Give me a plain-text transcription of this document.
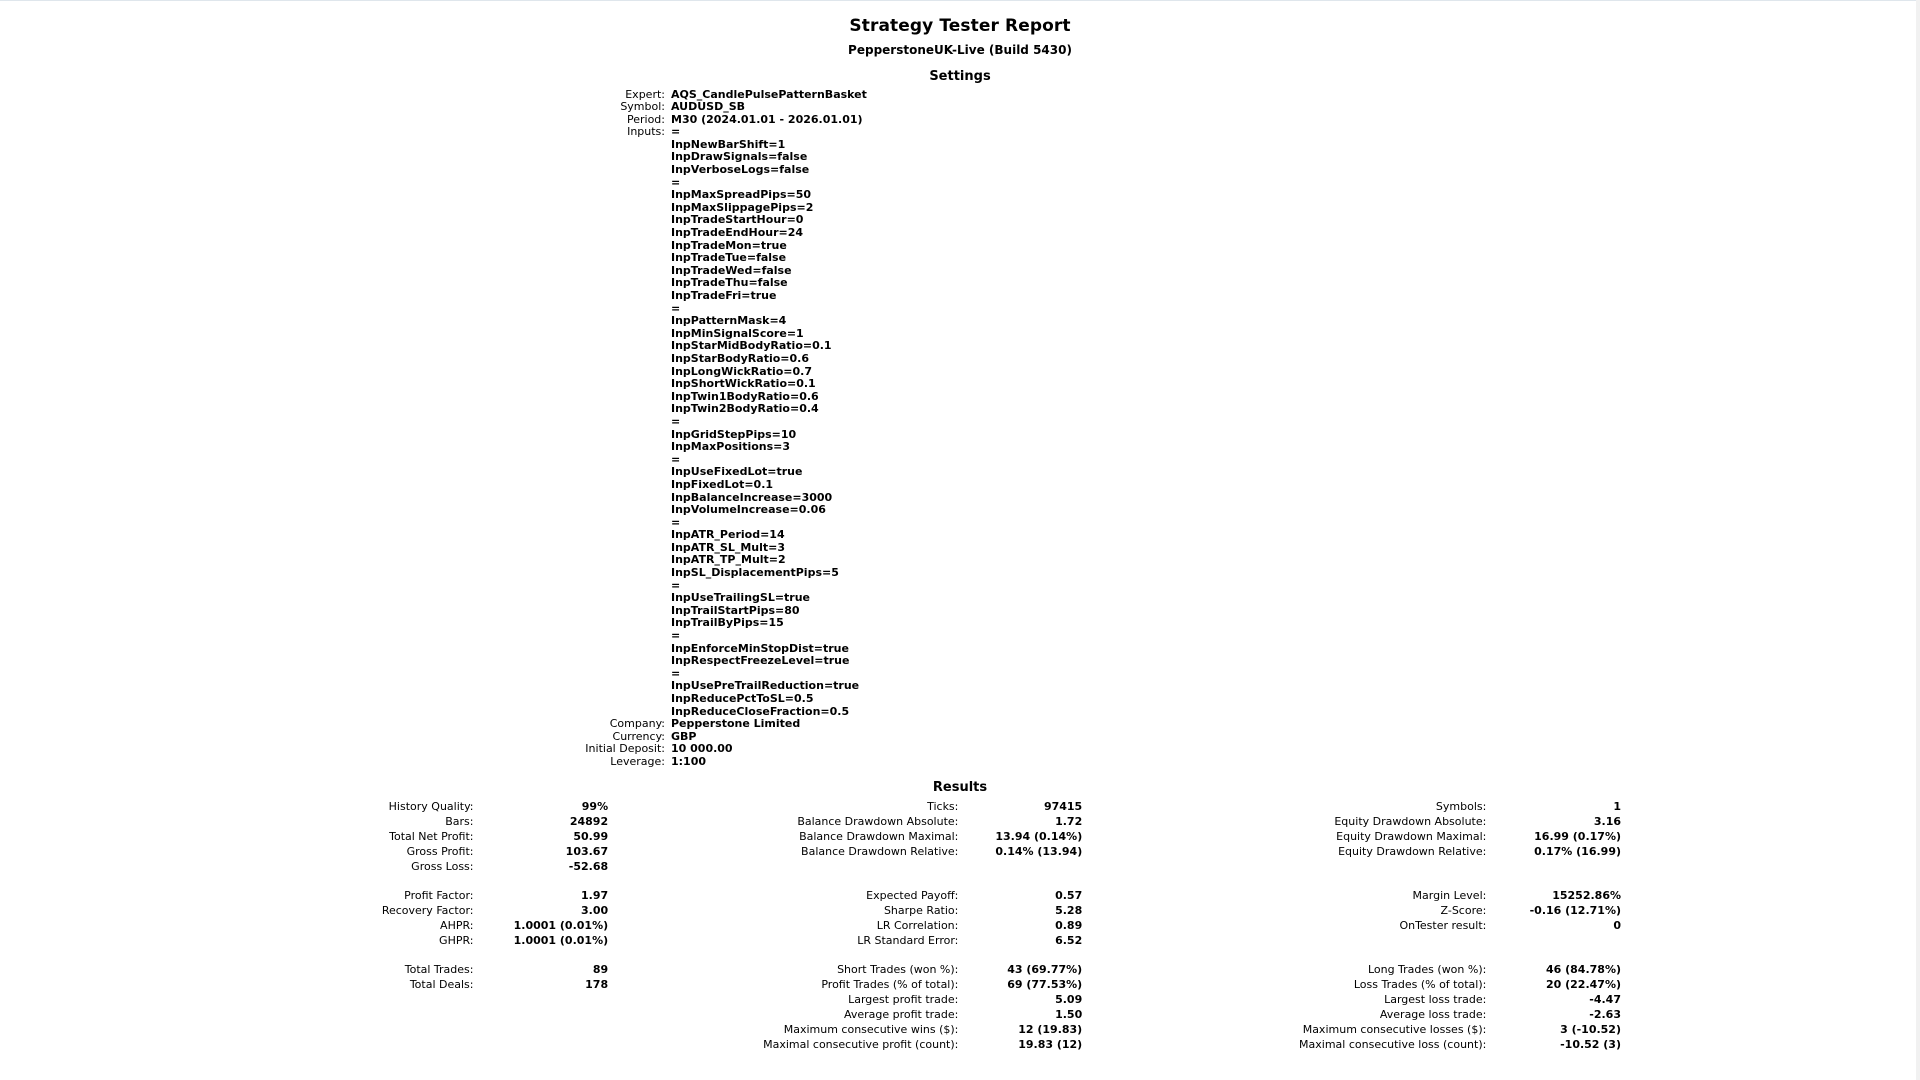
Strategy Tester Report
PepperstoneUK-Live (Build 5430)
Settings
Expert:	AQS_CandlePulsePatternBasket
Symbol:	AUDUSD_SB
Period:	M30 (2024.01.01 - 2026.01.01)
Inputs:	=
	InpNewBarShift=1
	InpDrawSignals=false
	InpVerboseLogs=false
	=
	InpMaxSpreadPips=50
	InpMaxSlippagePips=2
	InpTradeStartHour=0
	InpTradeEndHour=24
	InpTradeMon=true
	InpTradeTue=false
	InpTradeWed=false
	InpTradeThu=false
	InpTradeFri=true
	=
	InpPatternMask=4
	InpMinSignalScore=1
	InpStarMidBodyRatio=0.1
	InpStarBodyRatio=0.6
	InpLongWickRatio=0.7
	InpShortWickRatio=0.1
	InpTwin1BodyRatio=0.6
	InpTwin2BodyRatio=0.4
	=
	InpGridStepPips=10
	InpMaxPositions=3
	=
	InpUseFixedLot=true
	InpFixedLot=0.1
	InpBalanceIncrease=3000
	InpVolumeIncrease=0.06
	=
	InpATR_Period=14
	InpATR_SL_Mult=3
	InpATR_TP_Mult=2
	InpSL_DisplacementPips=5
	=
	InpUseTrailingSL=true
	InpTrailStartPips=80
	InpTrailByPips=15
	=
	InpEnforceMinStopDist=true
	InpRespectFreezeLevel=true
	=
	InpUsePreTrailReduction=true
	InpReducePctToSL=0.5
	InpReduceCloseFraction=0.5
Company:	Pepperstone Limited
Currency:	GBP
Initial Deposit:	10 000.00
Leverage:	1:100
Results
History Quality:	99%	Ticks:	97415	Symbols:	1
Bars:	24892	Balance Drawdown Absolute:	1.72	Equity Drawdown Absolute:	3.16
Total Net Profit:	50.99	Balance Drawdown Maximal:	13.94 (0.14%)	Equity Drawdown Maximal:	16.99 (0.17%)
Gross Profit:	103.67	Balance Drawdown Relative:	0.14% (13.94)	Equity Drawdown Relative:	0.17% (16.99)
Gross Loss:	-52.68				

Profit Factor:	1.97	Expected Payoff:	0.57	Margin Level:	15252.86%
Recovery Factor:	3.00	Sharpe Ratio:	5.28	Z-Score:	-0.16 (12.71%)
AHPR:	1.0001 (0.01%)	LR Correlation:	0.89	OnTester result:	0
GHPR:	1.0001 (0.01%)	LR Standard Error:	6.52		

Total Trades:	89	Short Trades (won %):	43 (69.77%)	Long Trades (won %):	46 (84.78%)
Total Deals:	178	Profit Trades (% of total):	69 (77.53%)	Loss Trades (% of total):	20 (22.47%)
		Largest profit trade:	5.09	Largest loss trade:	-4.47
		Average profit trade:	1.50	Average loss trade:	-2.63
		Maximum consecutive wins ($):	12 (19.83)	Maximum consecutive losses ($):	3 (-10.52)
		Maximal consecutive profit (count):	19.83 (12)	Maximal consecutive loss (count):	-10.52 (3)
